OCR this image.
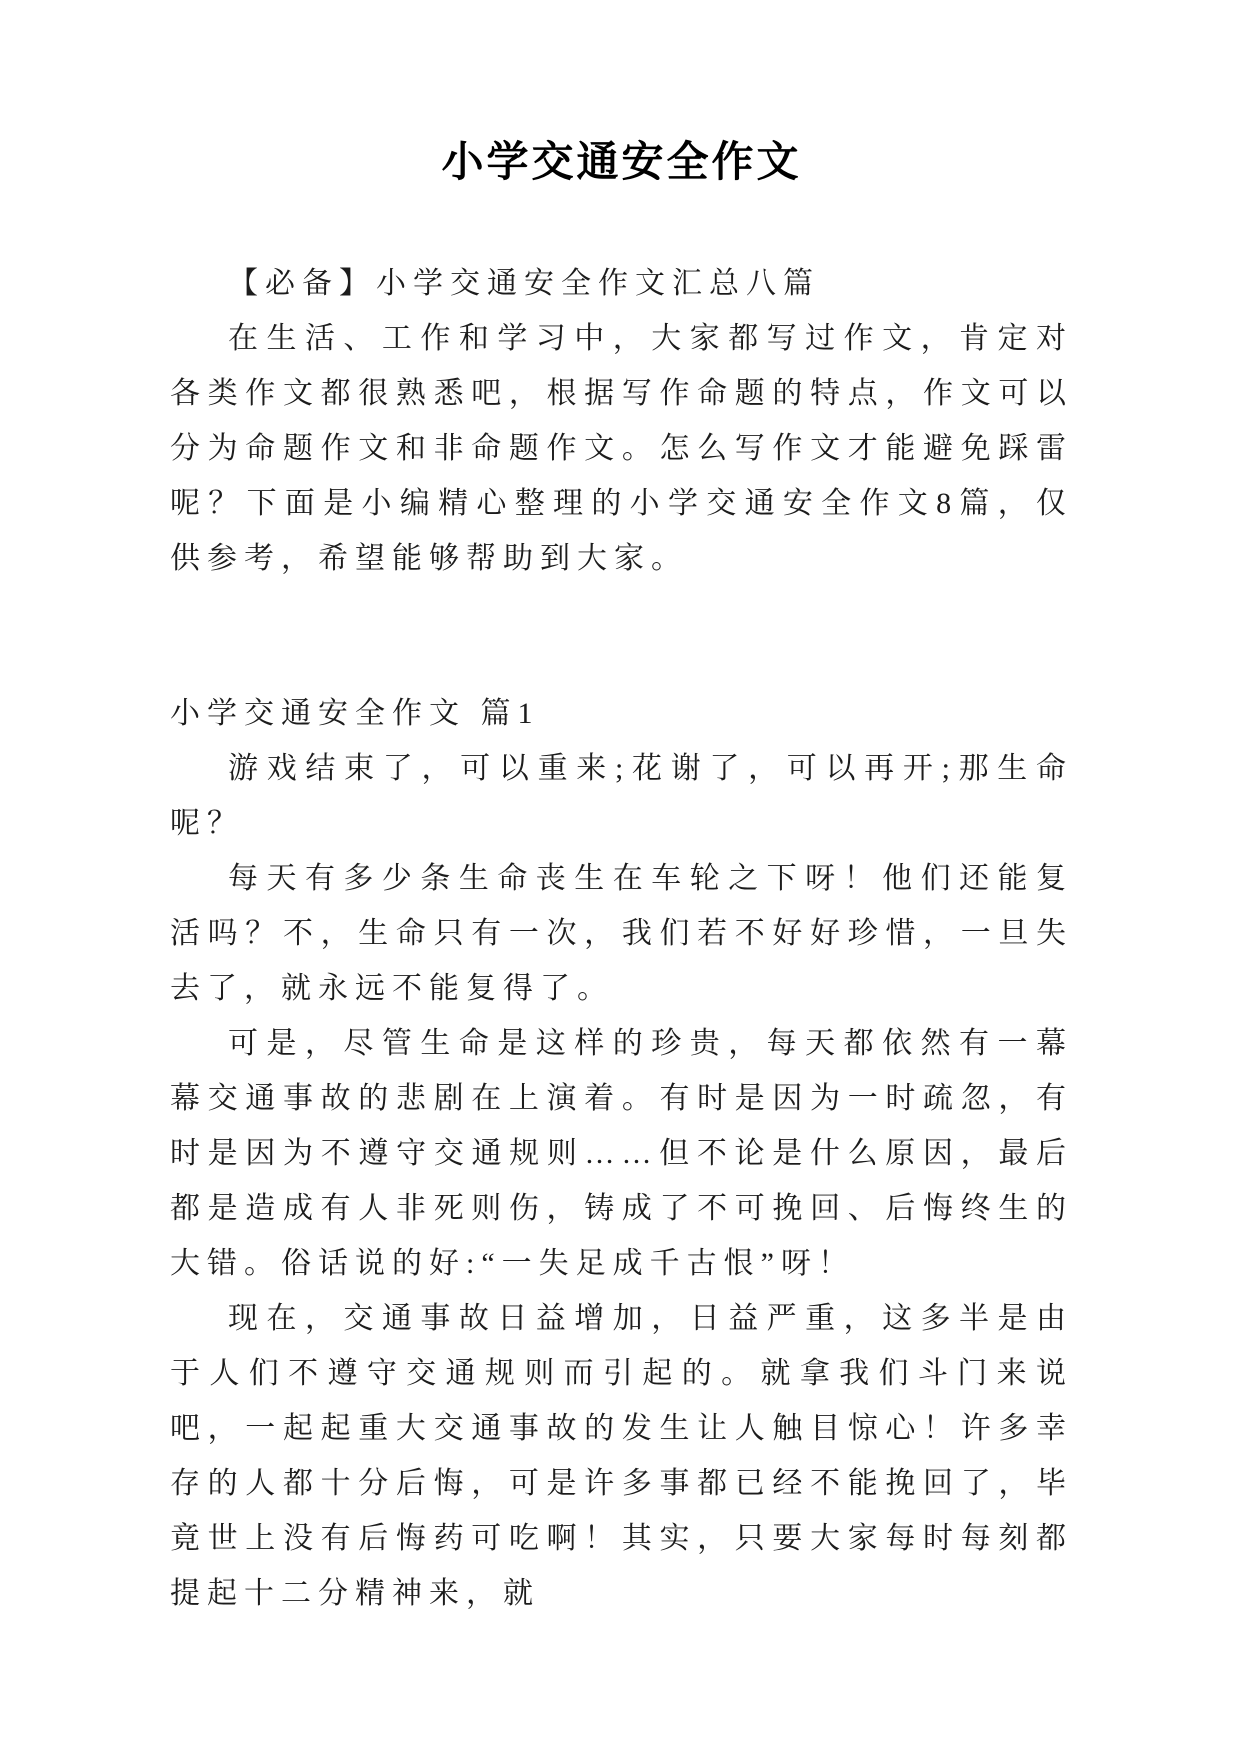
小学交通安全作文

【必备】小学交通安全作文汇总八篇

在生活、工作和学习中，大家都写过作文，肯定对各类作文都很熟悉吧，根据写作命题的特点，作文可以分为命题作文和非命题作文。怎么写作文才能避免踩雷呢？下面是小编精心整理的小学交通安全作文8篇，仅供参考，希望能够帮助到大家。

小学交通安全作文 篇1

游戏结束了，可以重来;花谢了，可以再开;那生命呢？

每天有多少条生命丧生在车轮之下呀！他们还能复活吗？不，生命只有一次，我们若不好好珍惜，一旦失去了，就永远不能复得了。

可是，尽管生命是这样的珍贵，每天都依然有一幕幕交通事故的悲剧在上演着。有时是因为一时疏忽，有时是因为不遵守交通规则……但不论是什么原因，最后都是造成有人非死则伤，铸成了不可挽回、后悔终生的大错。俗话说的好:“一失足成千古恨”呀！

现在，交通事故日益增加，日益严重，这多半是由于人们不遵守交通规则而引起的。就拿我们斗门来说吧，一起起重大交通事故的发生让人触目惊心！许多幸存的人都十分后悔，可是许多事都已经不能挽回了，毕竟世上没有后悔药可吃啊！其实，只要大家每时每刻都提起十二分精神来，就
